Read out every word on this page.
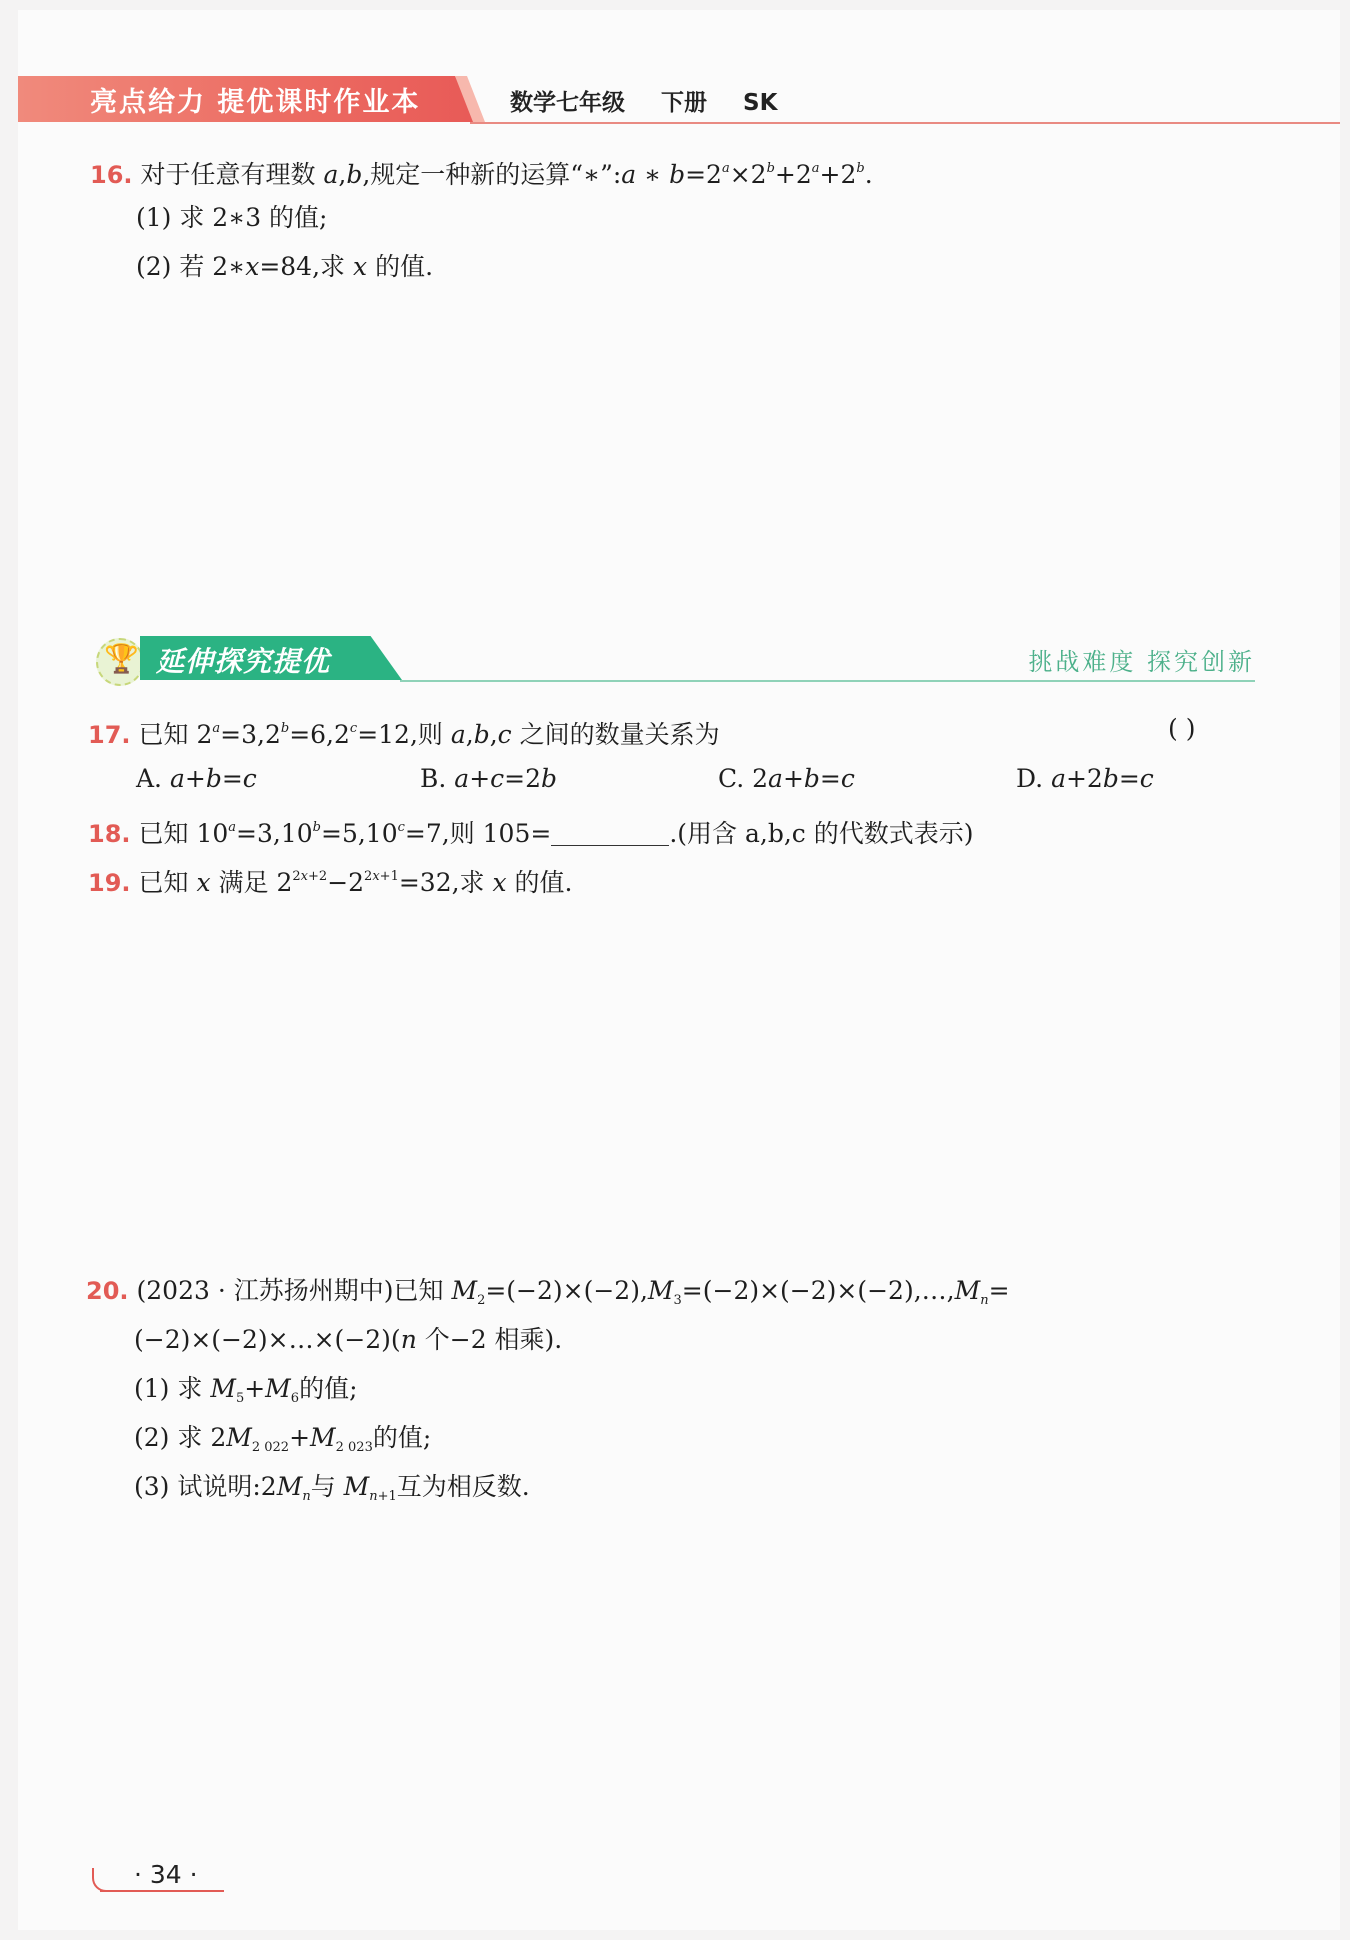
亮点给力 提优课时作业本	数学七年级 下册 SK
16. 对于任意有理数 a,b,规定一种新的运算“∗”:a ∗ $b=2^a\times 2^b+2^a+2^b$.
(1) 求 2∗3 的值;
(2) 若 2∗x=84,求 x 的值.
🏆 延伸探究提优	挑战难度 探究创新
17. 已知 $2^a=3,2^b=6,2^c=12$,则 a,b,c 之间的数量关系为	( )
A. a+b=c	B. a+c=2b	C. 2a+b=c	D. a+2b=c
18. 已知 $10^a=3,10^b=5,10^c=7$,则 105=	.(用含 a,b,c 的代数式表示)
19. 已知 x 满足 $2^{2x+2}-2^{2x+1}=32$,求 x 的值.
20. (2023 · 江苏扬州期中)已知 $M_2=(-2)\times(-2),M_3=(-2)\times(-2)\times(-2),\dots,M_n=$
(−2)×(−2)×…×(−2)(n 个−2 相乘).
(1) 求 $M_5+M_6$的值;
(2) 求 $2M_{2 022}+M_{2 023}$的值;
(3) 试说明$:2M_n$与 $M_{n+1}$互为相反数.
· 34 ·
